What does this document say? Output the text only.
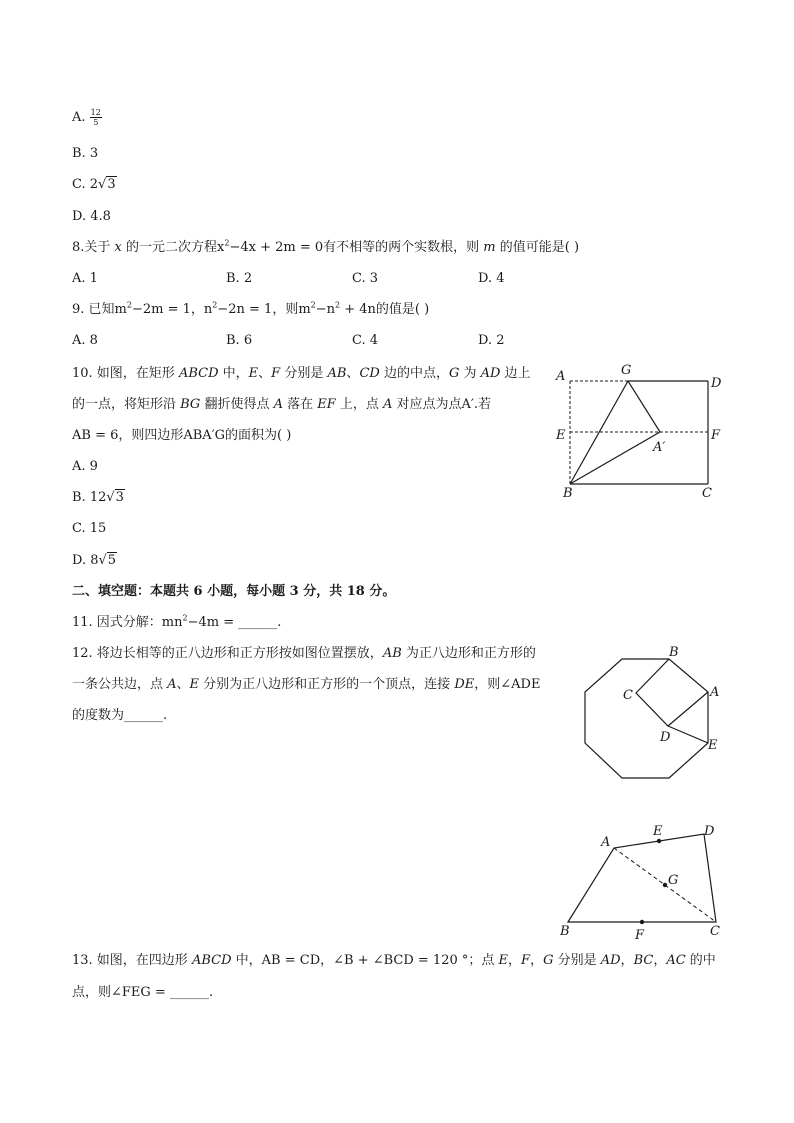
A. $\frac{12}{5}$
B. 3
C. 2√3
D. 4.8
8.关于 x 的一元二次方程$x^2-4x + 2m = 0$有不相等的两个实数根，则 m 的值可能是( )
A. 1	B. 2	C. 3	D. 4
9. 已知$m^2-2m = 1$，$n^2-2n = 1$，则$m^2-n^2 + 4n$的值是( )
A. 8	B. 6	C. 4	D. 2
10. 如图，在矩形 ABCD 中，E、F 分别是 AB、CD 边的中点，G 为 AD 边上
的一点，将矩形沿 BG 翻折使得点 A 落在 EF 上，点 A 对应点为点A′.若
AB = 6，则四边形ABA′G的面积为( )
A. 9
B. 12√3
C. 15
D. 8√5
A	G
D
E	F
A′
B	C
二、填空题：本题共 6 小题，每小题 3 分，共 18 分。
11. 因式分解：$mn^2-4m$ = ______.
12. 将边长相等的正八边形和正方形按如图位置摆放，AB 为正八边形和正方形的
一条公共边，点 A、E 分别为正八边形和正方形的一个顶点，连接 DE，则∠ADE
的度数为______.
B
C	A
D
E
A
E	D
G
B	F	C
13. 如图，在四边形 ABCD 中，AB = CD，∠B + ∠BCD = 120 °；点 E，F，G 分别是 AD，BC，AC 的中
点，则∠FEG = ______.
